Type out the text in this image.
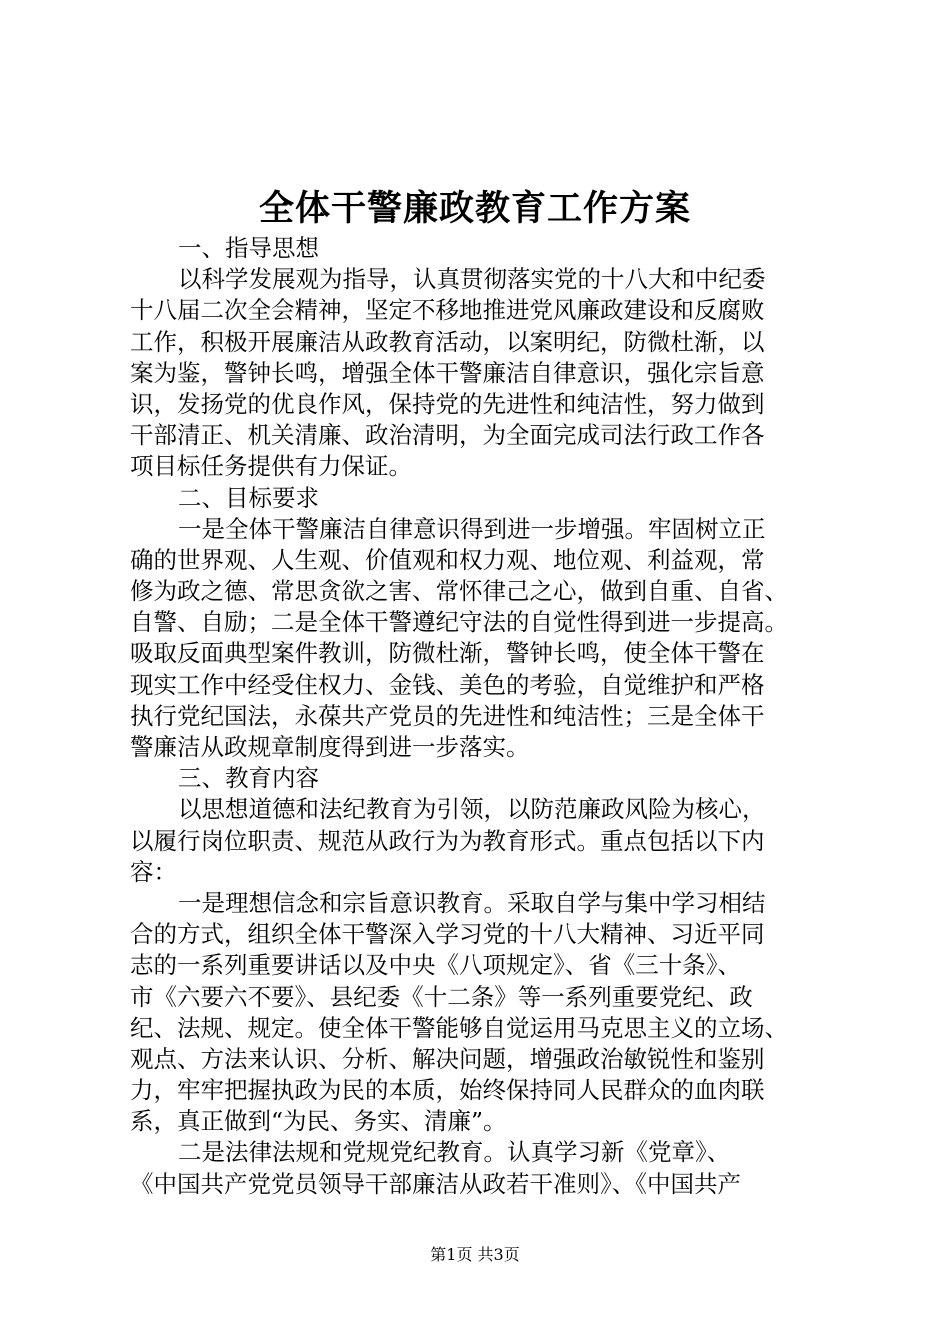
全体干警廉政教育工作方案
一、指导思想
以科学发展观为指导，认真贯彻落实党的十八大和中纪委
十八届二次全会精神，坚定不移地推进党风廉政建设和反腐败
工作，积极开展廉洁从政教育活动，以案明纪，防微杜渐，以
案为鉴，警钟长鸣，增强全体干警廉洁自律意识，强化宗旨意
识，发扬党的优良作风，保持党的先进性和纯洁性，努力做到
干部清正、机关清廉、政治清明，为全面完成司法行政工作各
项目标任务提供有力保证。
二、目标要求
一是全体干警廉洁自律意识得到进一步增强。牢固树立正
确的世界观、人生观、价值观和权力观、地位观、利益观，常
修为政之德、常思贪欲之害、常怀律己之心，做到自重、自省、
自警、自励；二是全体干警遵纪守法的自觉性得到进一步提高。
吸取反面典型案件教训，防微杜渐，警钟长鸣，使全体干警在
现实工作中经受住权力、金钱、美色的考验，自觉维护和严格
执行党纪国法，永葆共产党员的先进性和纯洁性；三是全体干
警廉洁从政规章制度得到进一步落实。
三、教育内容
以思想道德和法纪教育为引领，以防范廉政风险为核心，
以履行岗位职责、规范从政行为为教育形式。重点包括以下内
容：
一是理想信念和宗旨意识教育。采取自学与集中学习相结
合的方式，组织全体干警深入学习党的十八大精神、习近平同
志的一系列重要讲话以及中央《八项规定》、省《三十条》、
市《六要六不要》、县纪委《十二条》等一系列重要党纪、政
纪、法规、规定。使全体干警能够自觉运用马克思主义的立场、
观点、方法来认识、分析、解决问题，增强政治敏锐性和鉴别
力，牢牢把握执政为民的本质，始终保持同人民群众的血肉联
系，真正做到“为民、务实、清廉”。
二是法律法规和党规党纪教育。认真学习新《党章》、
《中国共产党党员领导干部廉洁从政若干准则》、《中国共产
第1页 共3页
